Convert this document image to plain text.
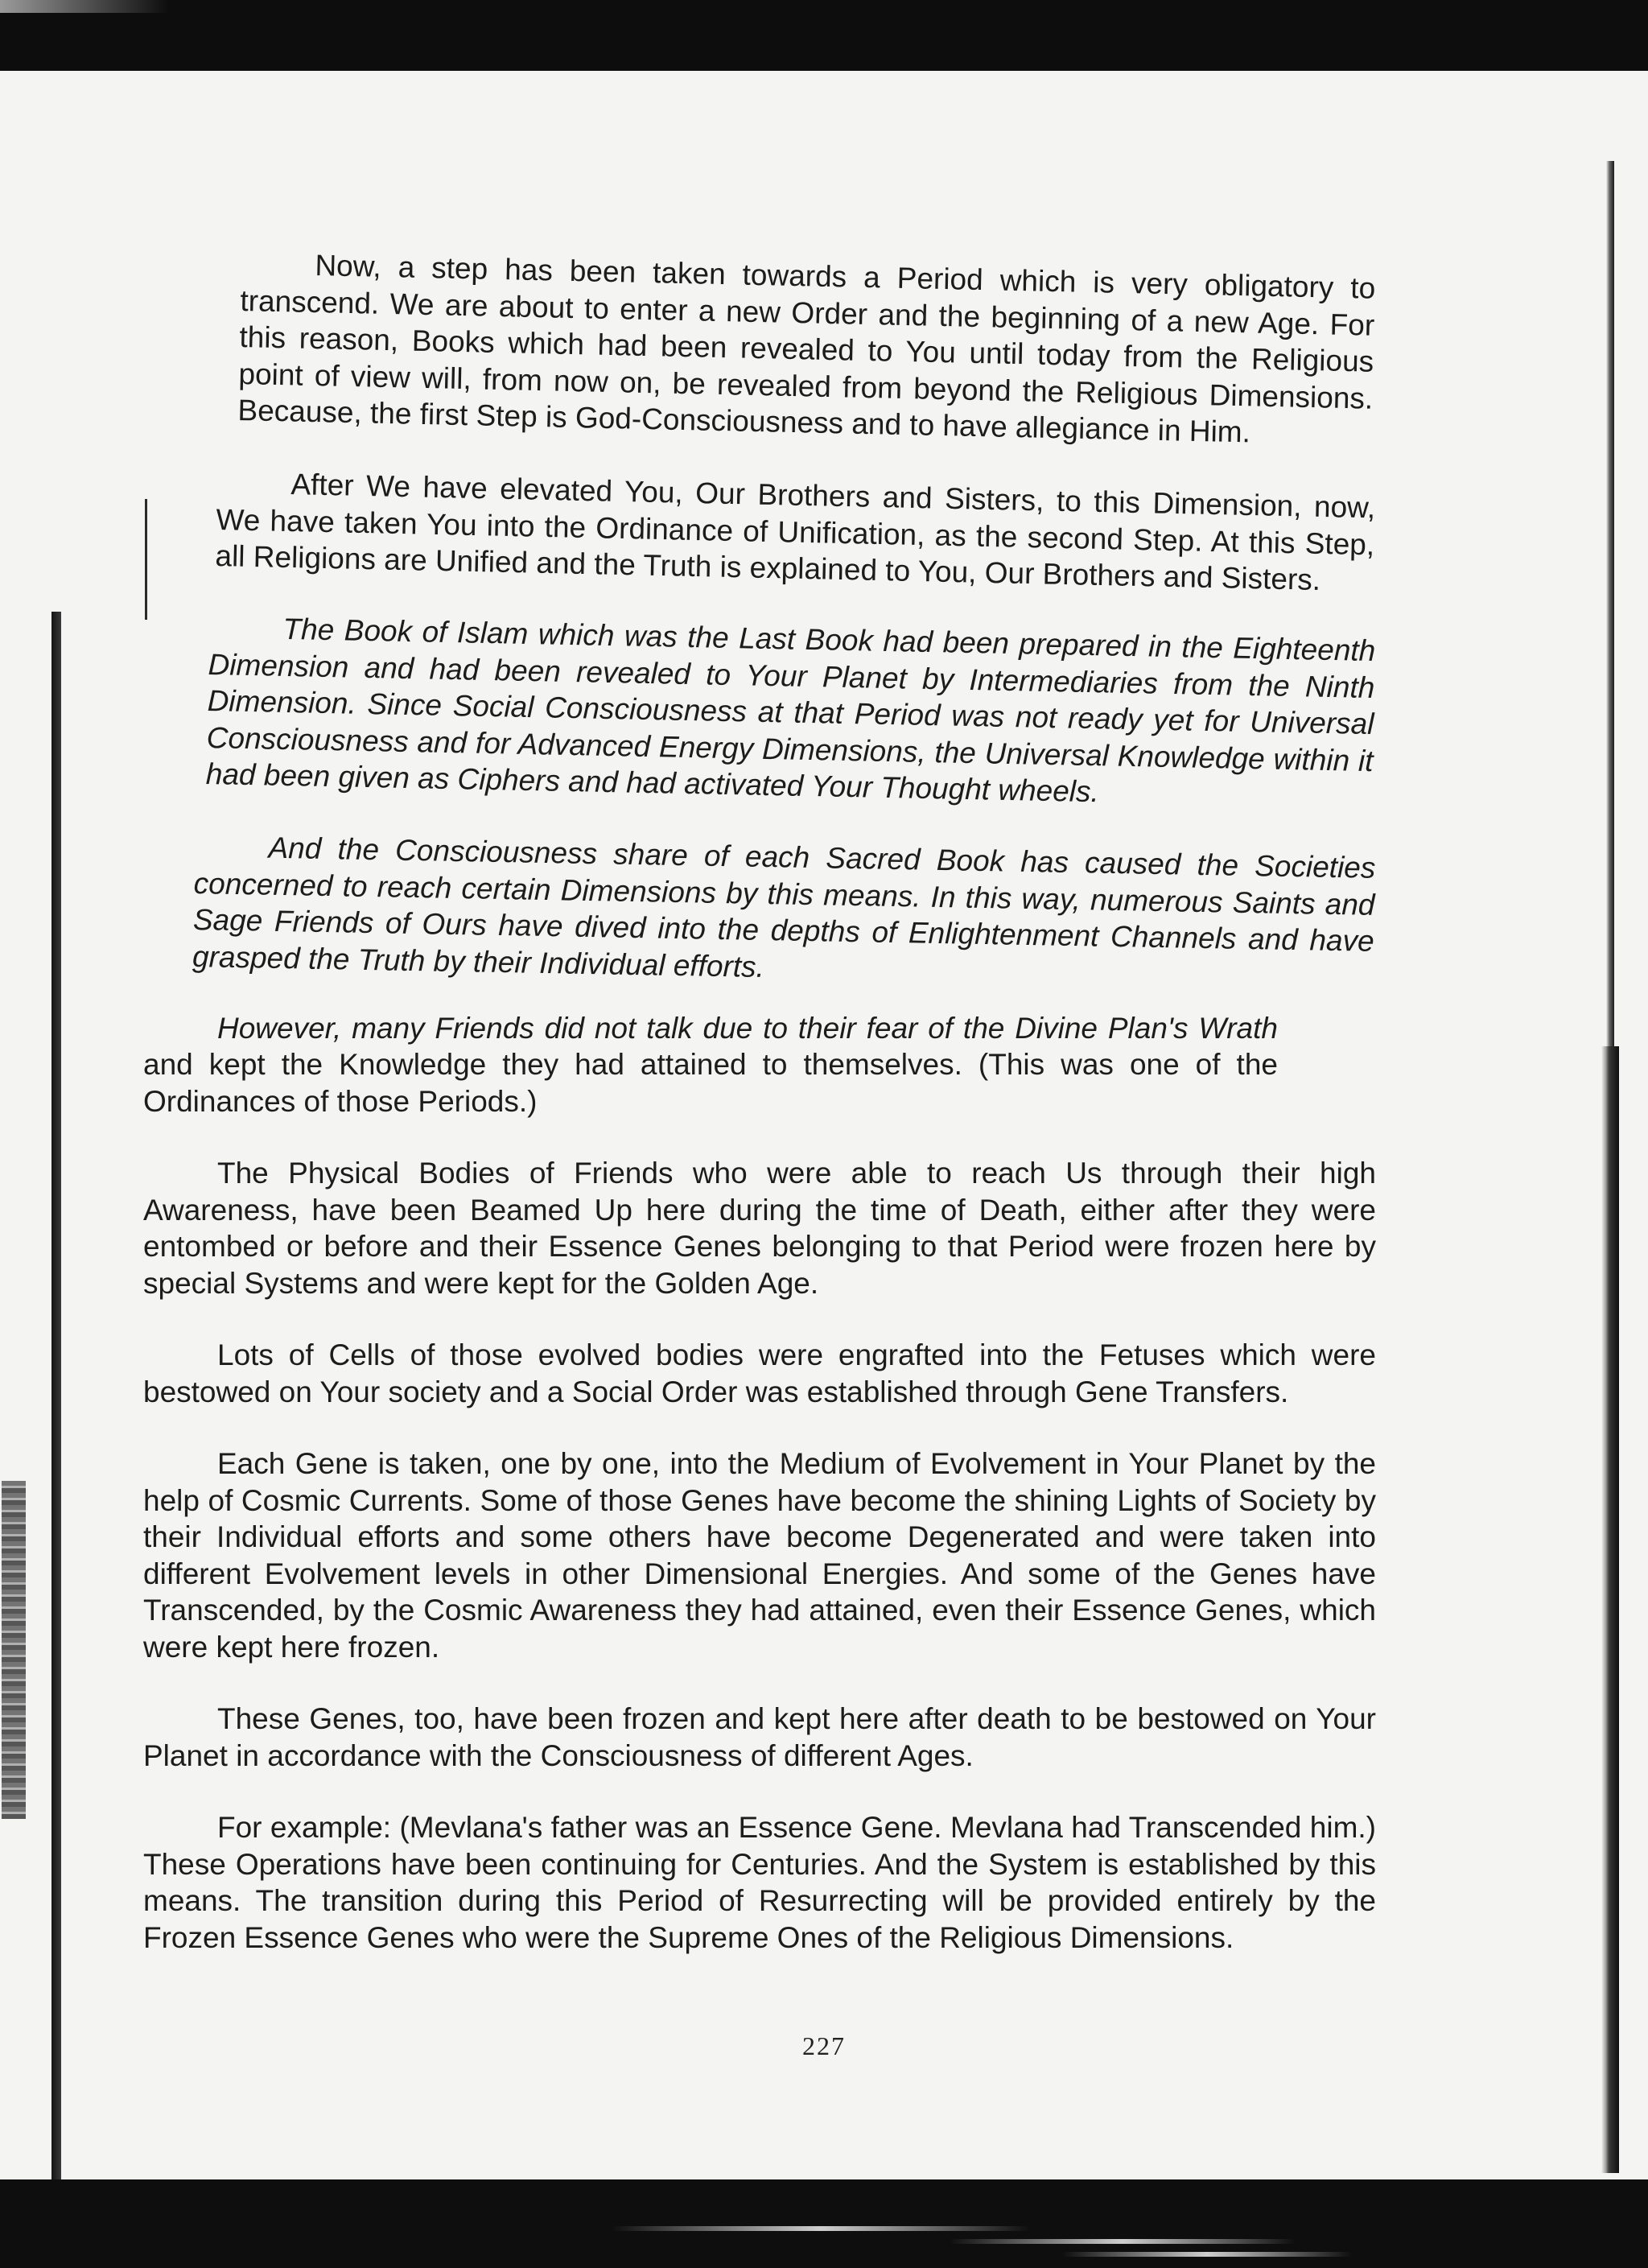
Now, a step has been taken towards a Period which is very obligatory to transcend. We are about to enter a new Order and the beginning of a new Age. For this reason, Books which had been revealed to You until today from the Religious point of view will, from now on, be revealed from beyond the Religious Dimensions. Because, the first Step is God-Consciousness and to have allegiance in Him.

After We have elevated You, Our Brothers and Sisters, to this Dimension, now, We have taken You into the Ordinance of Unification, as the second Step. At this Step, all Religions are Unified and the Truth is explained to You, Our Brothers and Sisters.

The Book of Islam which was the Last Book had been prepared in the Eighteenth Dimension and had been revealed to Your Planet by Intermediaries from the Ninth Dimension. Since Social Consciousness at that Period was not ready yet for Universal Consciousness and for Advanced Energy Dimensions, the Universal Knowledge within it had been given as Ciphers and had activated Your Thought wheels.

And the Consciousness share of each Sacred Book has caused the Societies concerned to reach certain Dimensions by this means. In this way, numerous Saints and Sage Friends of Ours have dived into the depths of Enlightenment Channels and have grasped the Truth by their Individual efforts.

However, many Friends did not talk due to their fear of the Divine Plan's Wrath and kept the Knowledge they had attained to themselves. (This was one of the Ordinances of those Periods.)

The Physical Bodies of Friends who were able to reach Us through their high Awareness, have been Beamed Up here during the time of Death, either after they were entombed or before and their Essence Genes belonging to that Period were frozen here by special Systems and were kept for the Golden Age.

Lots of Cells of those evolved bodies were engrafted into the Fetuses which were bestowed on Your society and a Social Order was established through Gene Transfers.

Each Gene is taken, one by one, into the Medium of Evolvement in Your Planet by the help of Cosmic Currents. Some of those Genes have become the shining Lights of Society by their Individual efforts and some others have become Degenerated and were taken into different Evolvement levels in other Dimensional Energies. And some of the Genes have Transcended, by the Cosmic Awareness they had attained, even their Essence Genes, which were kept here frozen.

These Genes, too, have been frozen and kept here after death to be bestowed on Your Planet in accordance with the Consciousness of different Ages.

For example: (Mevlana's father was an Essence Gene. Mevlana had Transcended him.) These Operations have been continuing for Centuries. And the System is established by this means. The transition during this Period of Resurrecting will be provided entirely by the Frozen Essence Genes who were the Supreme Ones of the Religious Dimensions.

227
